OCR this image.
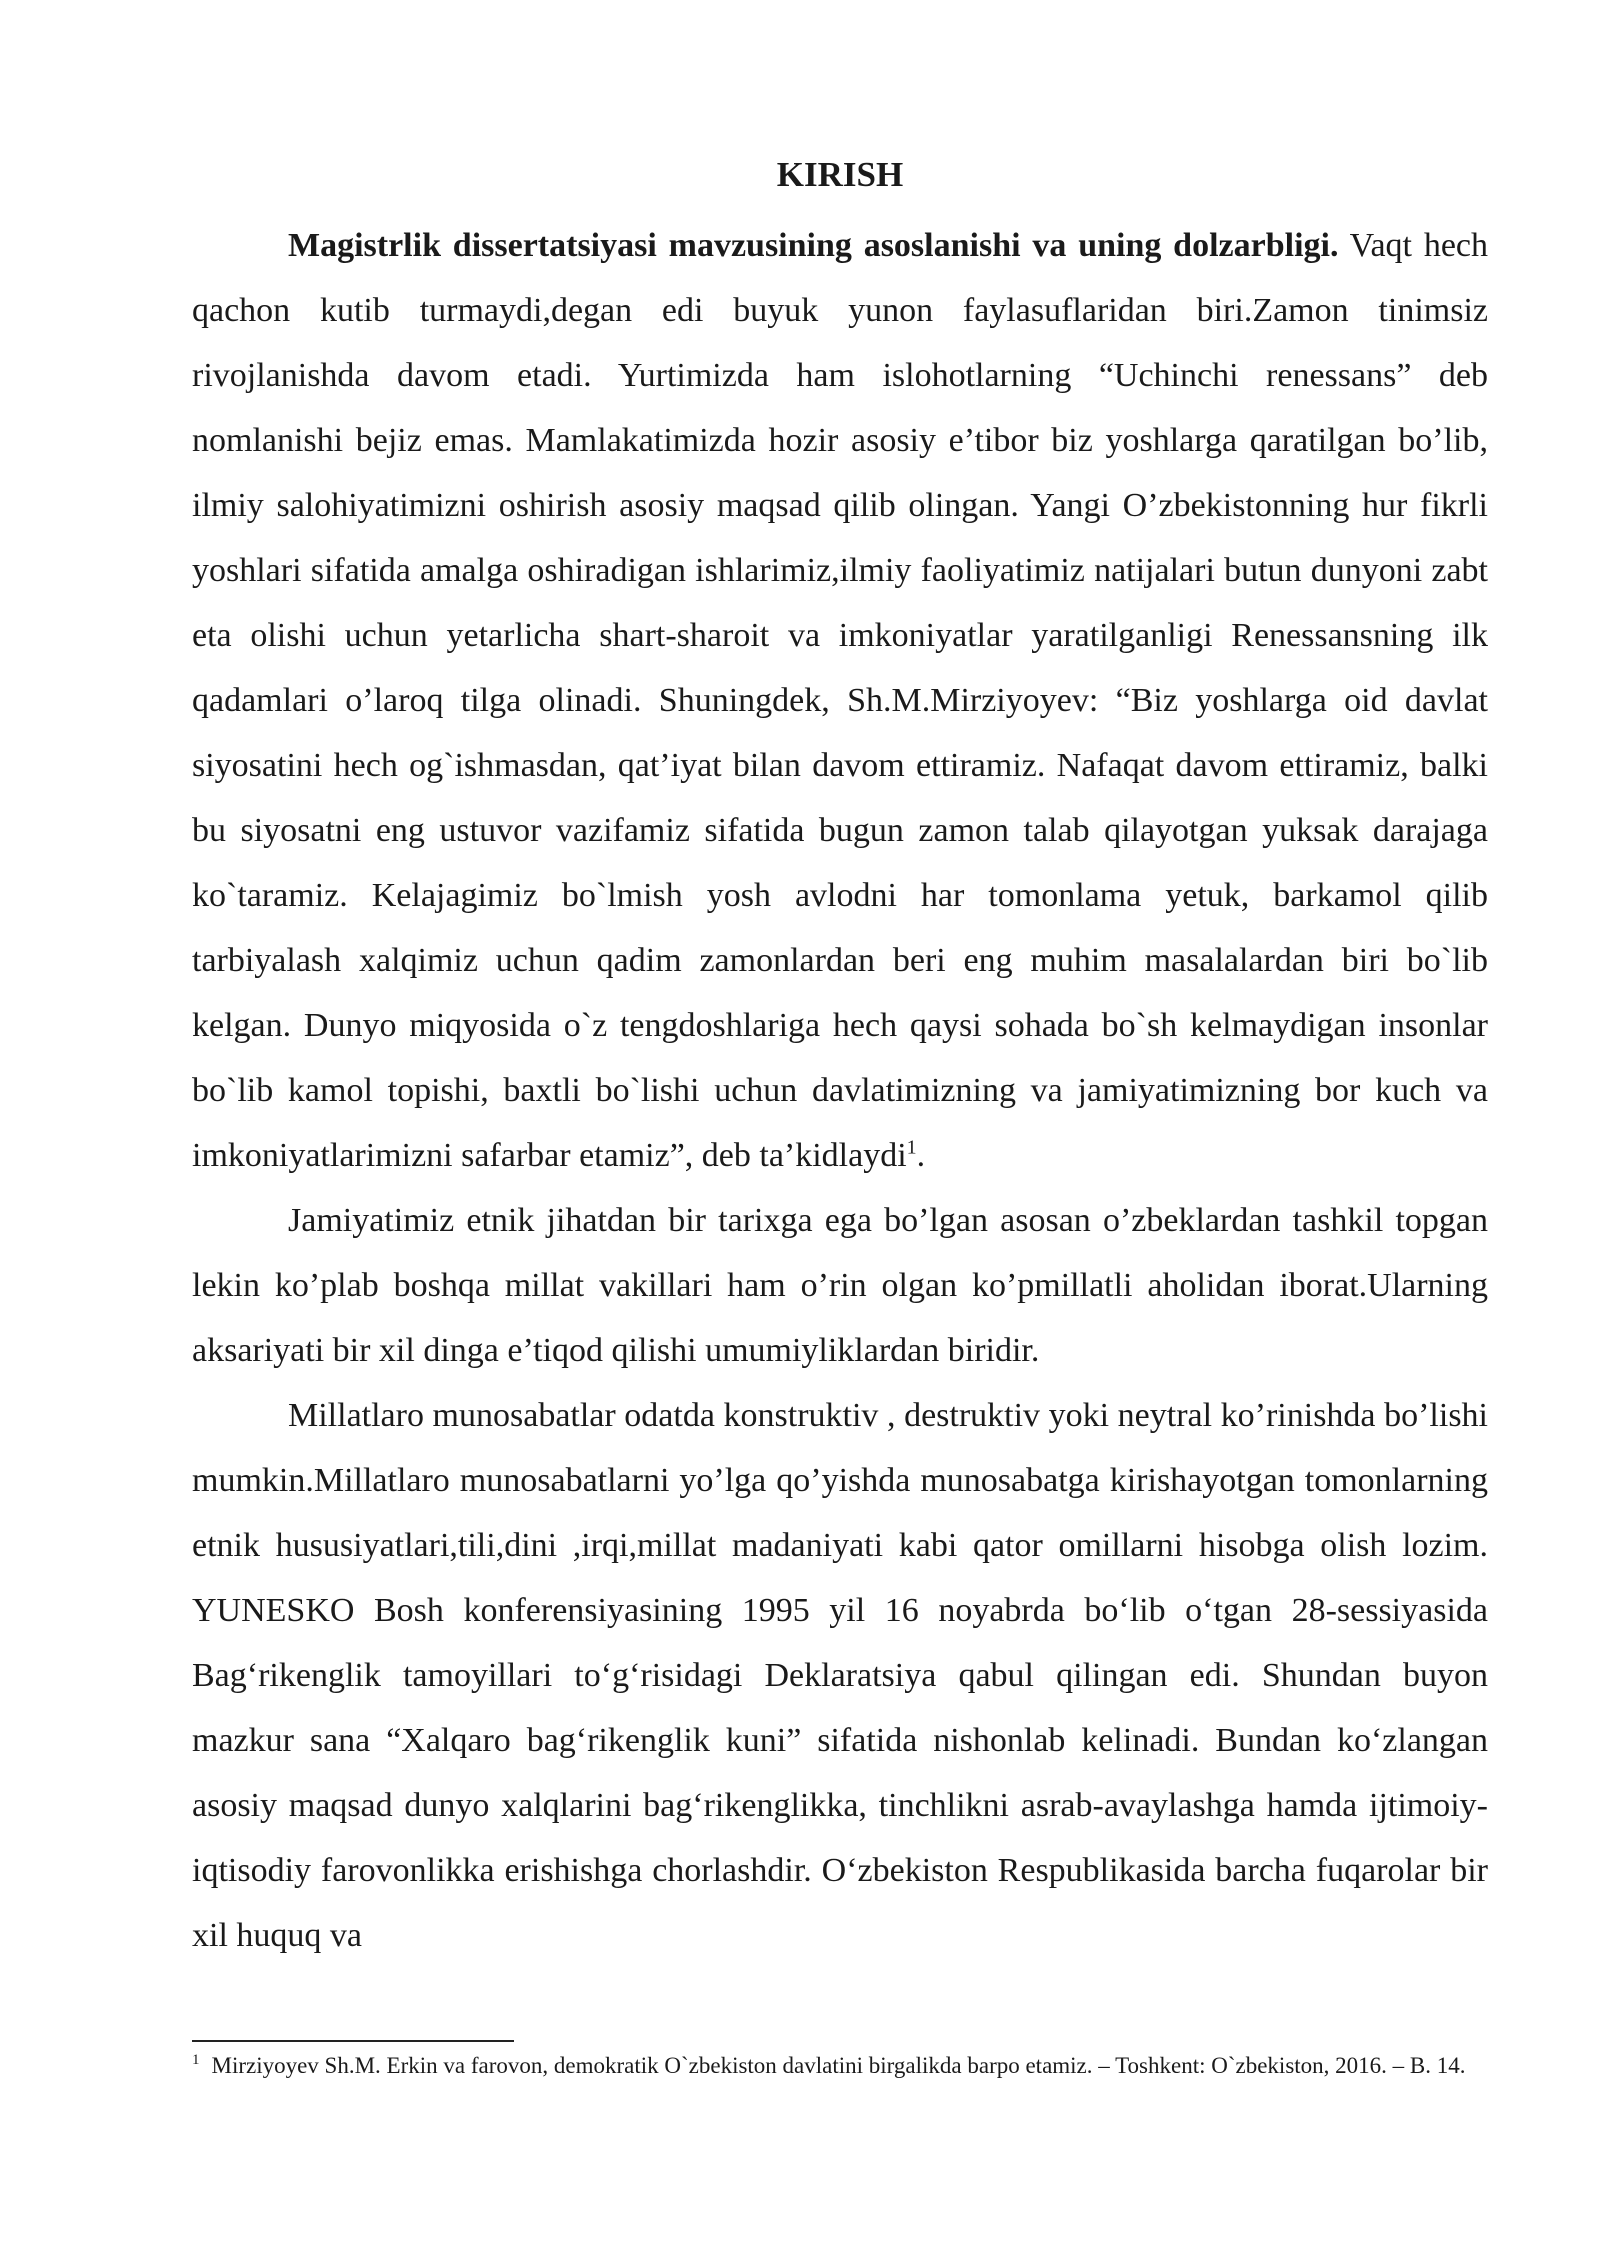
KIRISH

Magistrlik dissertatsiyasi mavzusining asoslanishi va uning dolzarbligi. Vaqt hech qachon kutib turmaydi,degan edi buyuk yunon faylasuflaridan biri.Zamon tinimsiz rivojlanishda davom etadi. Yurtimizda ham islohotlarning “Uchinchi renessans” deb nomlanishi bejiz emas. Mamlakatimizda hozir asosiy e’tibor biz yoshlarga qaratilgan bo’lib, ilmiy salohiyatimizni oshirish asosiy maqsad qilib olingan. Yangi O’zbekistonning hur fikrli yoshlari sifatida amalga oshiradigan ishlarimiz,ilmiy faoliyatimiz natijalari butun dunyoni zabt eta olishi uchun yetarlicha shart-sharoit va imkoniyatlar yaratilganligi Renessansning ilk qadamlari o’laroq tilga olinadi. Shuningdek, Sh.M.Mirziyoyev: “Biz yoshlarga oid davlat siyosatini hech og`ishmasdan, qat’iyat bilan davom ettiramiz. Nafaqat davom ettiramiz, balki bu siyosatni eng ustuvor vazifamiz sifatida bugun zamon talab qilayotgan yuksak darajaga ko`taramiz. Kelajagimiz bo`lmish yosh avlodni har tomonlama yetuk, barkamol qilib tarbiyalash xalqimiz uchun qadim zamonlardan beri eng muhim masalalardan biri bo`lib kelgan. Dunyo miqyosida o`z tengdoshlariga hech qaysi sohada bo`sh kelmaydigan insonlar bo`lib kamol topishi, baxtli bo`lishi uchun davlatimizning va jamiyatimizning bor kuch va imkoniyatlarimizni safarbar etamiz”, deb ta’kidlaydi$^1$.

Jamiyatimiz etnik jihatdan bir tarixga ega bo’lgan asosan o’zbeklardan tashkil topgan lekin ko’plab boshqa millat vakillari ham o’rin olgan ko’pmillatli aholidan iborat.Ularning aksariyati bir xil dinga e’tiqod qilishi umumiyliklardan biridir.

Millatlaro munosabatlar odatda konstruktiv , destruktiv yoki neytral ko’rinishda bo’lishi mumkin.Millatlaro munosabatlarni yo’lga qo’yishda munosabatga kirishayotgan tomonlarning etnik hususiyatlari,tili,dini ,irqi,millat madaniyati kabi qator omillarni hisobga olish lozim. YUNESKO Bosh konferensiyasining 1995 yil 16 noyabrda bo‘lib o‘tgan 28-sessiyasida Bag‘rikenglik tamoyillari to‘g‘risidagi Deklaratsiya qabul qilingan edi. Shundan buyon mazkur sana “Xalqaro bag‘rikenglik kuni” sifatida nishonlab kelinadi. Bundan ko‘zlangan asosiy maqsad dunyo xalqlarini bag‘rikenglikka, tinchlikni asrab-avaylashga hamda ijtimoiy-iqtisodiy farovonlikka erishishga chorlashdir. O‘zbekiston Respublikasida barcha fuqarolar bir xil huquq va

$^1$ Mirziyoyev Sh.M. Erkin va farovon, demokratik O`zbekiston davlatini birgalikda barpo etamiz. – Toshkent: O`zbekiston, 2016. – B. 14.
